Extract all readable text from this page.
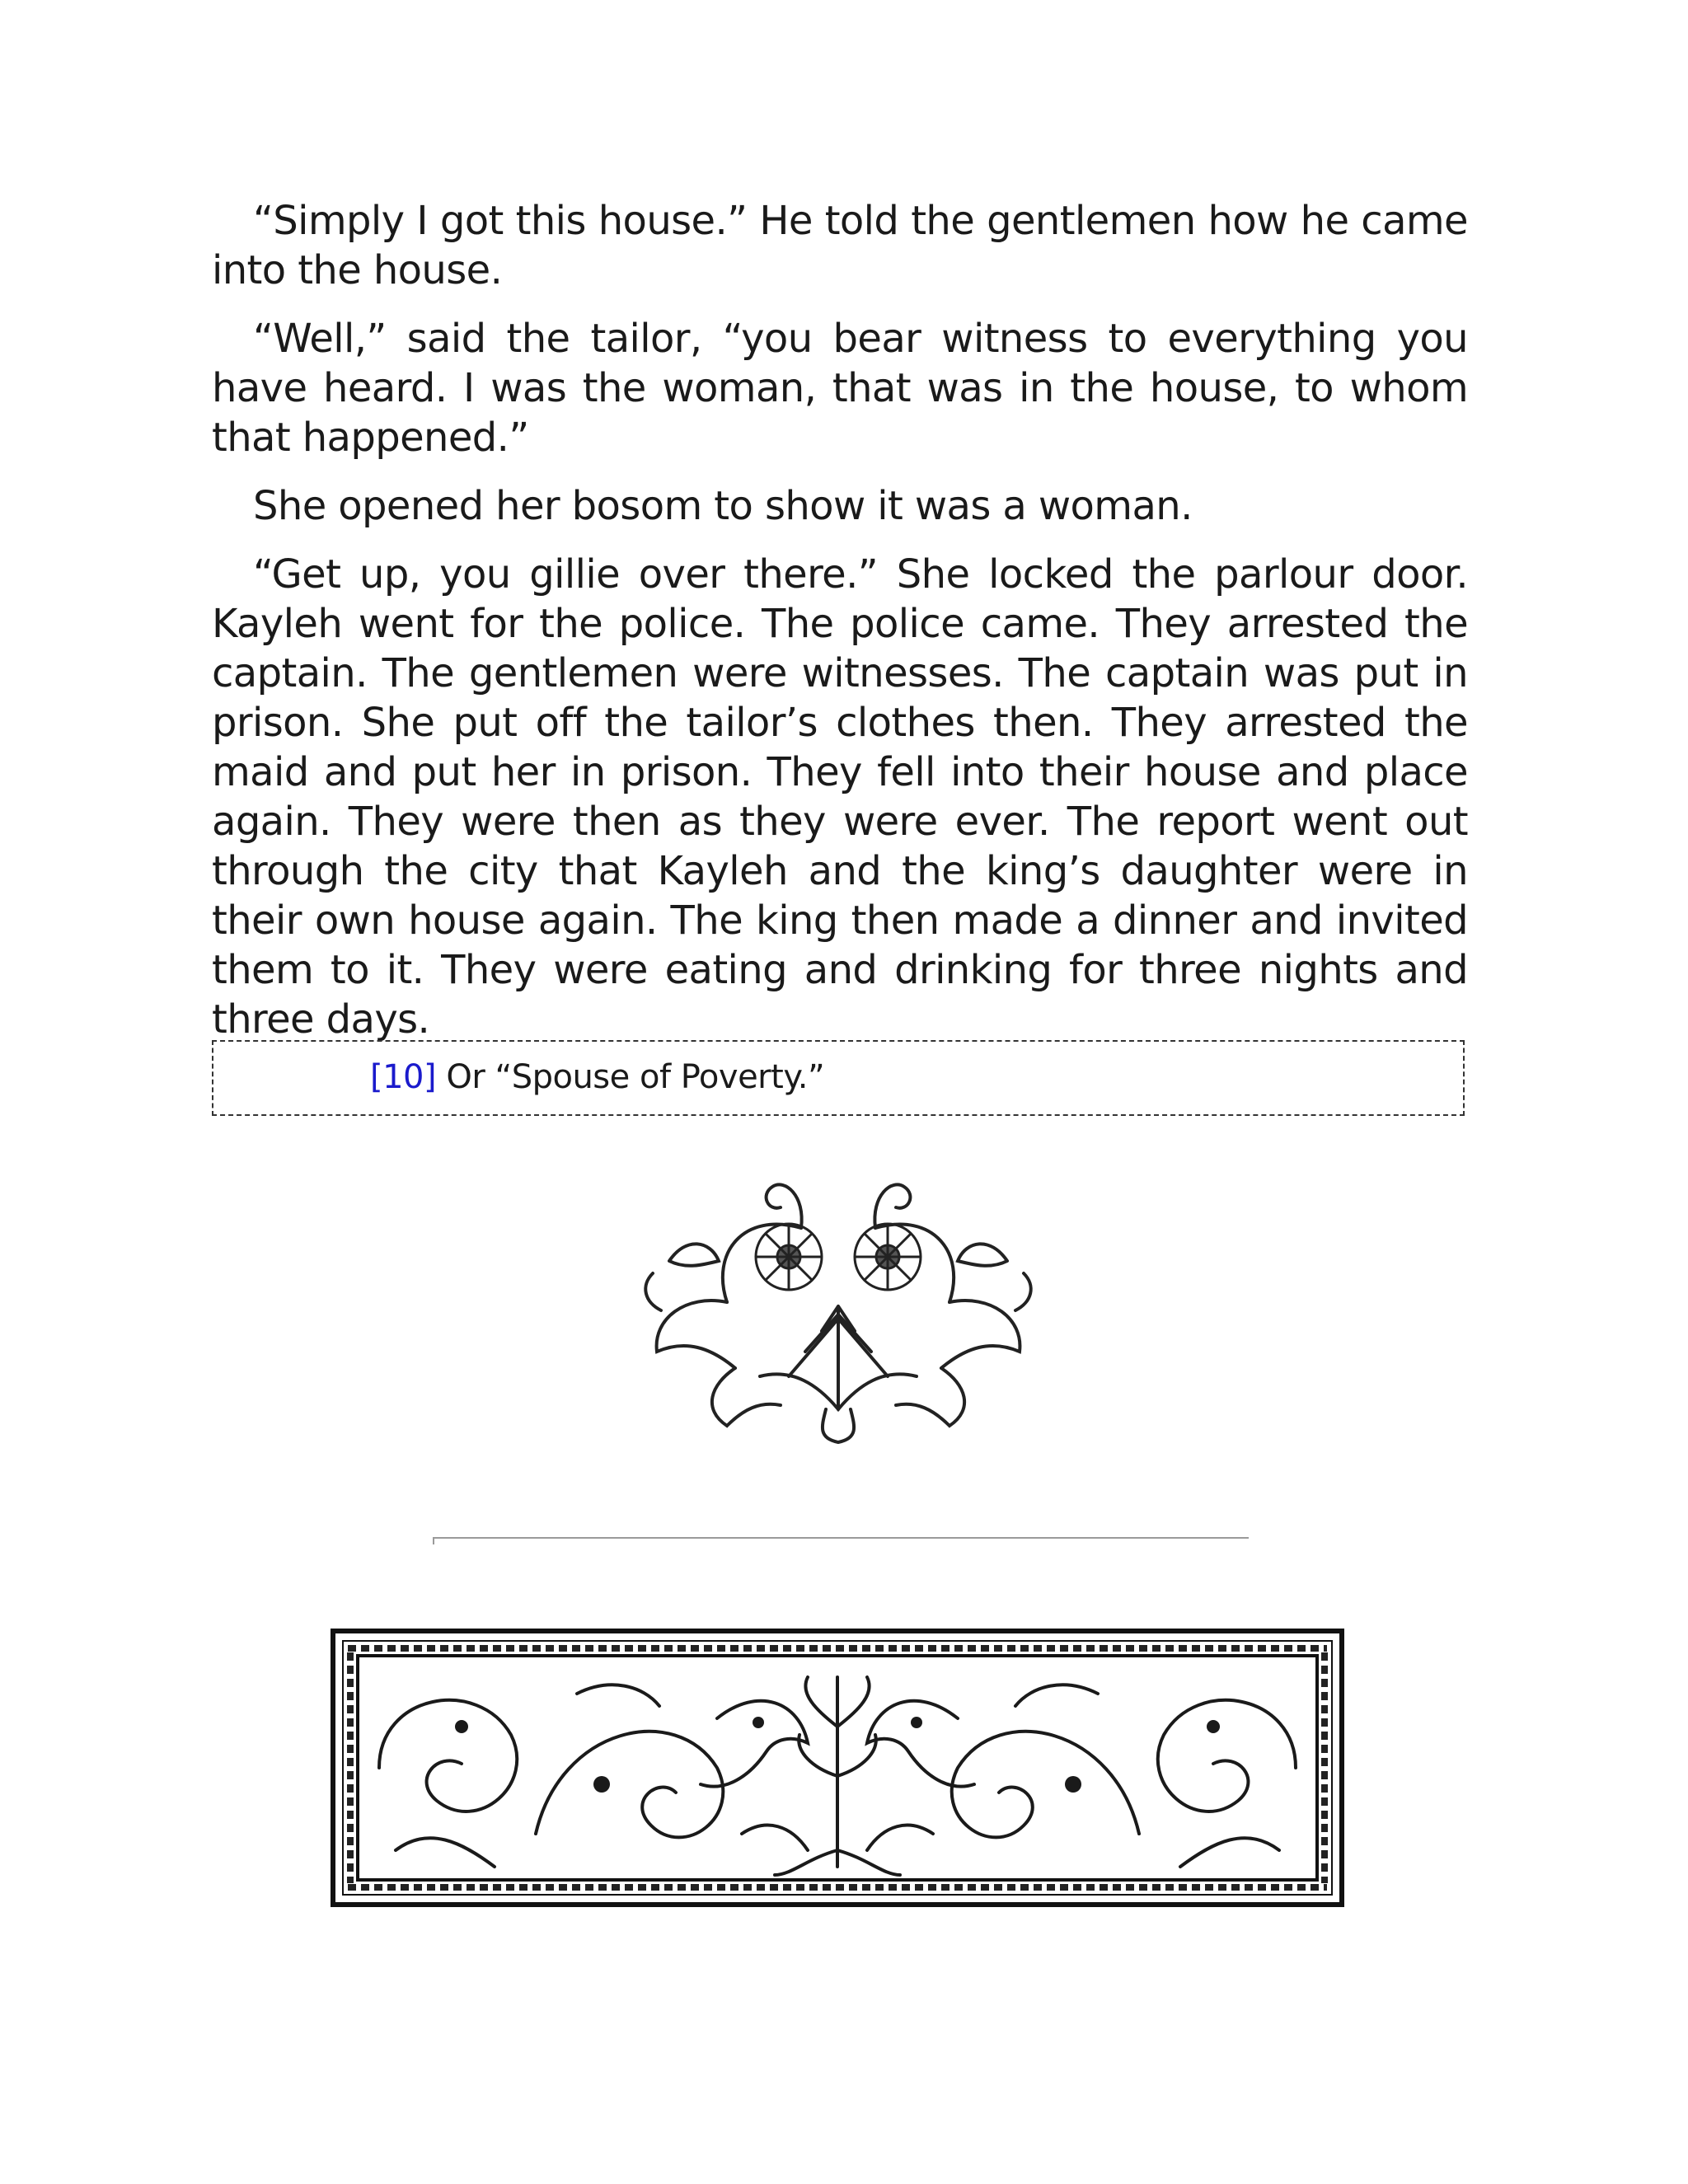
“Simply I got this house.” He told the gentlemen how he came into the house.

“Well,” said the tailor, “you bear witness to everything you have heard. I was the woman, that was in the house, to whom that happened.”

She opened her bosom to show it was a woman.

“Get up, you gillie over there.” She locked the parlour door. Kayleh went for the police. The police came. They arrested the captain. The gentlemen were witnesses. The captain was put in prison. She put off the tailor’s clothes then. They arrested the maid and put her in prison. They fell into their house and place again. They were then as they were ever. The report went out through the city that Kayleh and the king’s daughter were in their own house again. The king then made a dinner and invited them to it. They were eating and drinking for three nights and three days.

[10] Or “Spouse of Poverty.”
